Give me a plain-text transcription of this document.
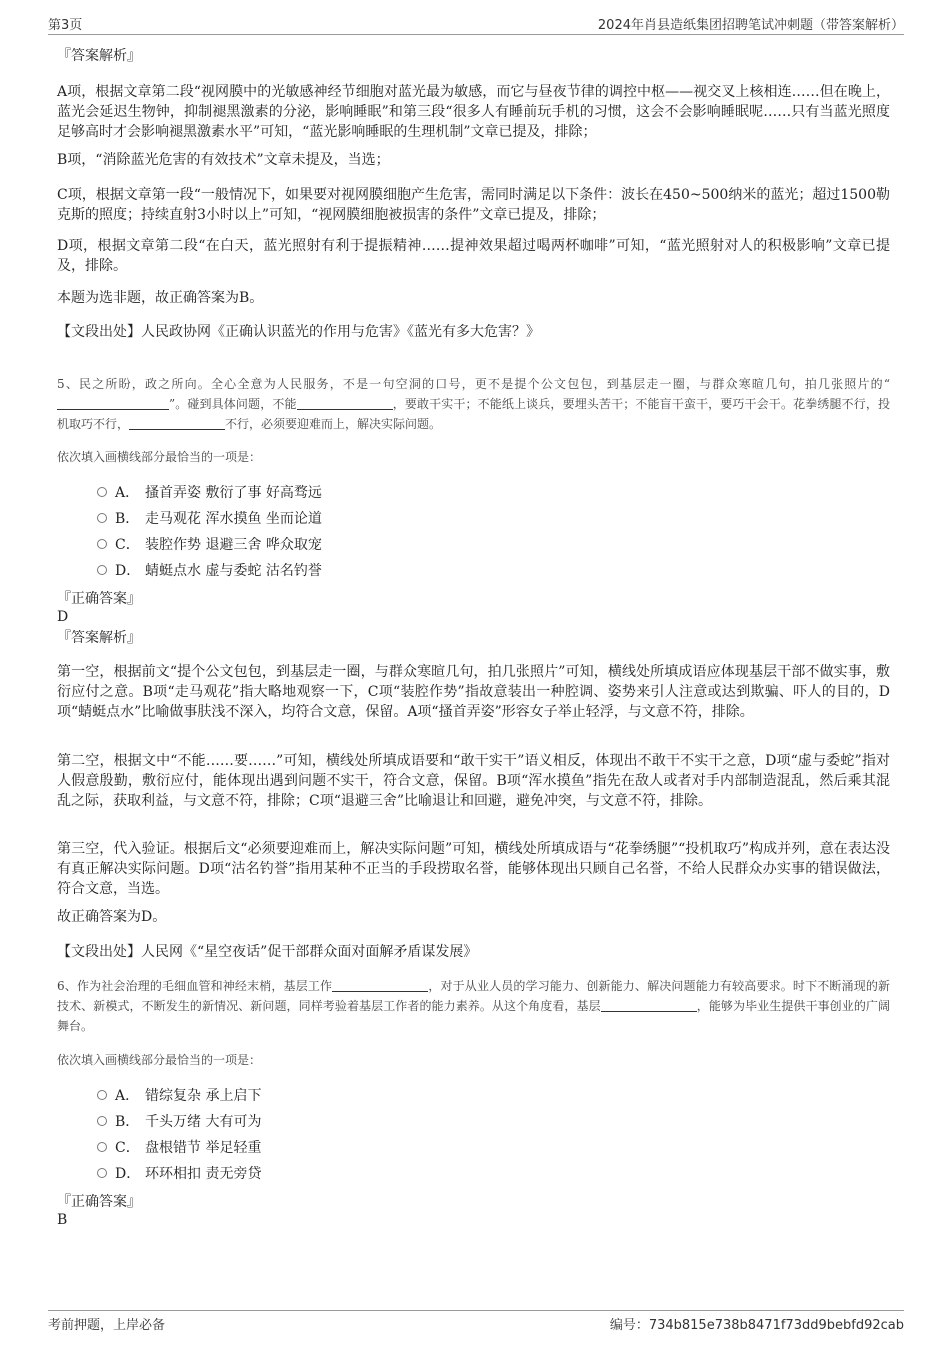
第3页	2024年肖县造纸集团招聘笔试冲刺题（带答案解析）

『答案解析』

A项，根据文章第二段“视网膜中的光敏感神经节细胞对蓝光最为敏感，而它与昼夜节律的调控中枢——视交叉上核相连……但在晚上，蓝光会延迟生物钟，抑制褪黑激素的分泌，影响睡眠”和第三段“很多人有睡前玩手机的习惯，这会不会影响睡眠呢……只有当蓝光照度足够高时才会影响褪黑激素水平”可知，“蓝光影响睡眠的生理机制”文章已提及，排除；

B项，“消除蓝光危害的有效技术”文章未提及，当选；

C项，根据文章第一段“一般情况下，如果要对视网膜细胞产生危害，需同时满足以下条件：波长在450~500纳米的蓝光；超过1500勒克斯的照度；持续直射3小时以上”可知，“视网膜细胞被损害的条件”文章已提及，排除；

D项，根据文章第二段“在白天，蓝光照射有利于提振精神……提神效果超过喝两杯咖啡”可知，“蓝光照射对人的积极影响”文章已提及，排除。

本题为选非题，故正确答案为B。

【文段出处】人民政协网《正确认识蓝光的作用与危害》《蓝光有多大危害？》

5、民之所盼，政之所向。全心全意为人民服务，不是一句空洞的口号，更不是提个公文包包，到基层走一圈，与群众寒暄几句，拍几张照片的“”。碰到具体问题，不能	，要敢干实干；不能纸上谈兵，要埋头苦干；不能盲干蛮干，要巧干会干。花拳绣腿不行，投机取巧不行，	不行，必须要迎难而上，解决实际问题。

依次填入画横线部分最恰当的一项是：

A． 搔首弄姿 敷衍了事 好高骛远
B． 走马观花 浑水摸鱼 坐而论道
C． 装腔作势 退避三舍 哗众取宠
D． 蜻蜓点水 虚与委蛇 沽名钓誉

『正确答案』

D

『答案解析』

第一空，根据前文“提个公文包包，到基层走一圈，与群众寒暄几句，拍几张照片”可知，横线处所填成语应体现基层干部不做实事，敷衍应付之意。B项“走马观花”指大略地观察一下，C项“装腔作势”指故意装出一种腔调、姿势来引人注意或达到欺骗、吓人的目的，D项“蜻蜓点水”比喻做事肤浅不深入，均符合文意，保留。A项“搔首弄姿”形容女子举止轻浮，与文意不符，排除。

第二空，根据文中“不能……要……”可知，横线处所填成语要和“敢干实干”语义相反，体现出不敢干不实干之意，D项“虚与委蛇”指对人假意殷勤，敷衍应付，能体现出遇到问题不实干，符合文意，保留。B项“浑水摸鱼”指先在敌人或者对手内部制造混乱，然后乘其混乱之际，获取利益，与文意不符，排除；C项“退避三舍”比喻退让和回避，避免冲突，与文意不符，排除。

第三空，代入验证。根据后文“必须要迎难而上，解决实际问题”可知，横线处所填成语与“花拳绣腿”“投机取巧”构成并列，意在表达没有真正解决实际问题。D项“沽名钓誉”指用某种不正当的手段捞取名誉，能够体现出只顾自己名誉，不给人民群众办实事的错误做法，符合文意，当选。

故正确答案为D。

【文段出处】人民网《“星空夜话”促干部群众面对面解矛盾谋发展》

6、作为社会治理的毛细血管和神经末梢，基层工作	，对于从业人员的学习能力、创新能力、解决问题能力有较高要求。时下不断涌现的新技术、新模式，不断发生的新情况、新问题，同样考验着基层工作者的能力素养。从这个角度看，基层	，能够为毕业生提供干事创业的广阔舞台。

依次填入画横线部分最恰当的一项是：

A． 错综复杂 承上启下
B． 千头万绪 大有可为
C． 盘根错节 举足轻重
D． 环环相扣 责无旁贷

『正确答案』

B

考前押题，上岸必备	编号：734b815e738b8471f73dd9bebfd92cab
